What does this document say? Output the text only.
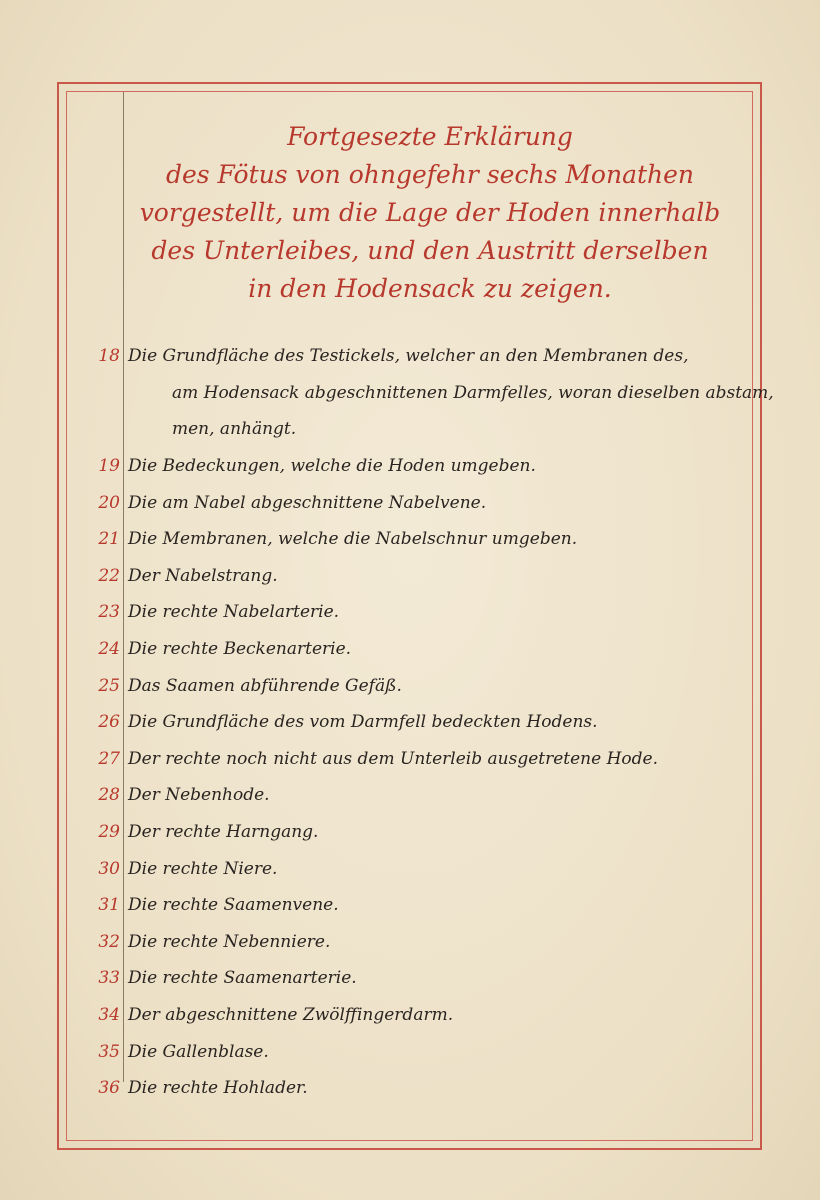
Fortgesezte Erklärung
des Fötus von ohngefehr sechs Monathen
vorgestellt, um die Lage der Hoden innerhalb
des Unterleibes, und den Austritt derselben
in den Hodensack zu zeigen.
18 Die Grundfläche des Testickels, welcher an den Membranen des,
am Hodensack abgeschnittenen Darmfelles, woran dieselben abstam,
men, anhängt.
19 Die Bedeckungen, welche die Hoden umgeben.
20 Die am Nabel abgeschnittene Nabelvene.
21 Die Membranen, welche die Nabelschnur umgeben.
22 Der Nabelstrang.
23 Die rechte Nabelarterie.
24 Die rechte Beckenarterie.
25 Das Saamen abführende Gefäß.
26 Die Grundfläche des vom Darmfell bedeckten Hodens.
27 Der rechte noch nicht aus dem Unterleib ausgetretene Hode.
28 Der Nebenhode.
29 Der rechte Harngang.
30 Die rechte Niere.
31 Die rechte Saamenvene.
32 Die rechte Nebenniere.
33 Die rechte Saamenarterie.
34 Der abgeschnittene Zwölffingerdarm.
35 Die Gallenblase.
36 Die rechte Hohlader.
